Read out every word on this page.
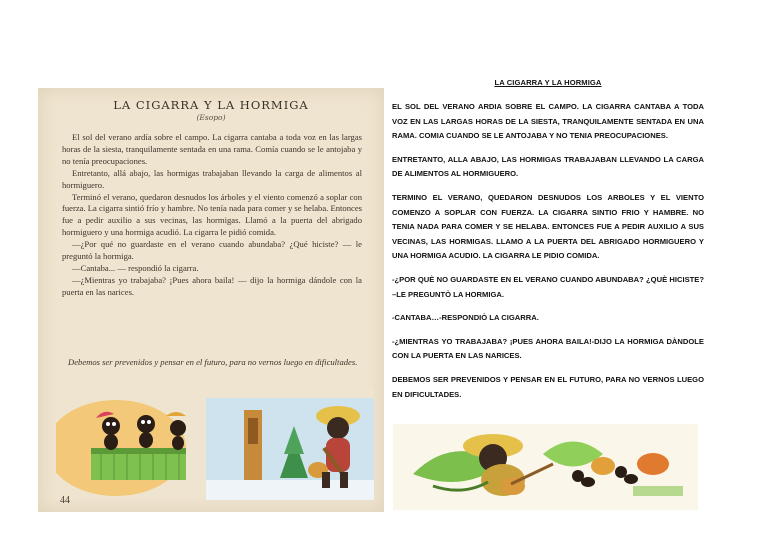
LA CIGARRA Y LA HORMIGA
(Esopo)

El sol del verano ardía sobre el campo. La cigarra cantaba a toda voz en las largas horas de la siesta, tranquilamente sentada en una rama. Comía cuando se le antojaba y no tenía preocupaciones.

Entretanto, allá abajo, las hormigas trabajaban llevando la carga de alimentos al hormiguero.

Terminó el verano, quedaron desnudos los árboles y el viento comenzó a soplar con fuerza. La cigarra sintió frío y hambre. No tenía nada para comer y se helaba. Entonces fue a pedir auxilio a sus vecinas, las hormigas. Llamó a la puerta del abrigado hormiguero y una hormiga acudió. La cigarra le pidió comida.

—¿Por qué no guardaste en el verano cuando abundaba? ¿Qué hiciste? — le preguntó la hormiga.

—Cantaba... — respondió la cigarra.

—¿Mientras yo trabajaba? ¡Pues ahora baila! — dijo la hormiga dándole con la puerta en las narices.

Debemos ser prevenidos y pensar en el futuro, para no vernos luego en dificultades.
44
LA CIGARRA Y LA HORMIGA

EL SOL DEL VERANO ARDIA SOBRE EL CAMPO. LA CIGARRA CANTABA A TODA VOZ EN LAS LARGAS HORAS DE LA SIESTA, TRANQUILAMENTE SENTADA EN UNA RAMA. COMIA CUANDO SE LE ANTOJABA Y NO TENIA PREOCUPACIONES.

ENTRETANTO, ALLA ABAJO, LAS HORMIGAS TRABAJABAN LLEVANDO LA CARGA DE ALIMENTOS AL HORMIGUERO.

TERMINO EL VERANO, QUEDARON DESNUDOS LOS ARBOLES Y EL VIENTO COMENZO A SOPLAR CON FUERZA. LA CIGARRA SINTIO FRIO Y HAMBRE. NO TENIA NADA PARA COMER Y SE HELABA. ENTONCES FUE A PEDIR AUXILIO A SUS VECINAS, LAS HORMIGAS. LLAMO A LA PUERTA DEL ABRIGADO HORMIGUERO Y UNA HORMIGA ACUDIO. LA CIGARRA LE PIDIO COMIDA.

-¿POR QUÈ NO GUARDASTE EN EL VERANO CUANDO ABUNDABA? ¿QUÈ HICISTE? –LE PREGUNTÒ LA HORMIGA.

-CANTABA…-RESPONDIÒ LA CIGARRA.

-¿MIENTRAS YO TRABAJABA? ¡PUES AHORA BAILA!-DIJO LA HORMIGA DÀNDOLE CON LA PUERTA EN LAS NARICES.

DEBEMOS SER PREVENIDOS Y PENSAR EN EL FUTURO, PARA NO VERNOS LUEGO EN DIFICULTADES.
